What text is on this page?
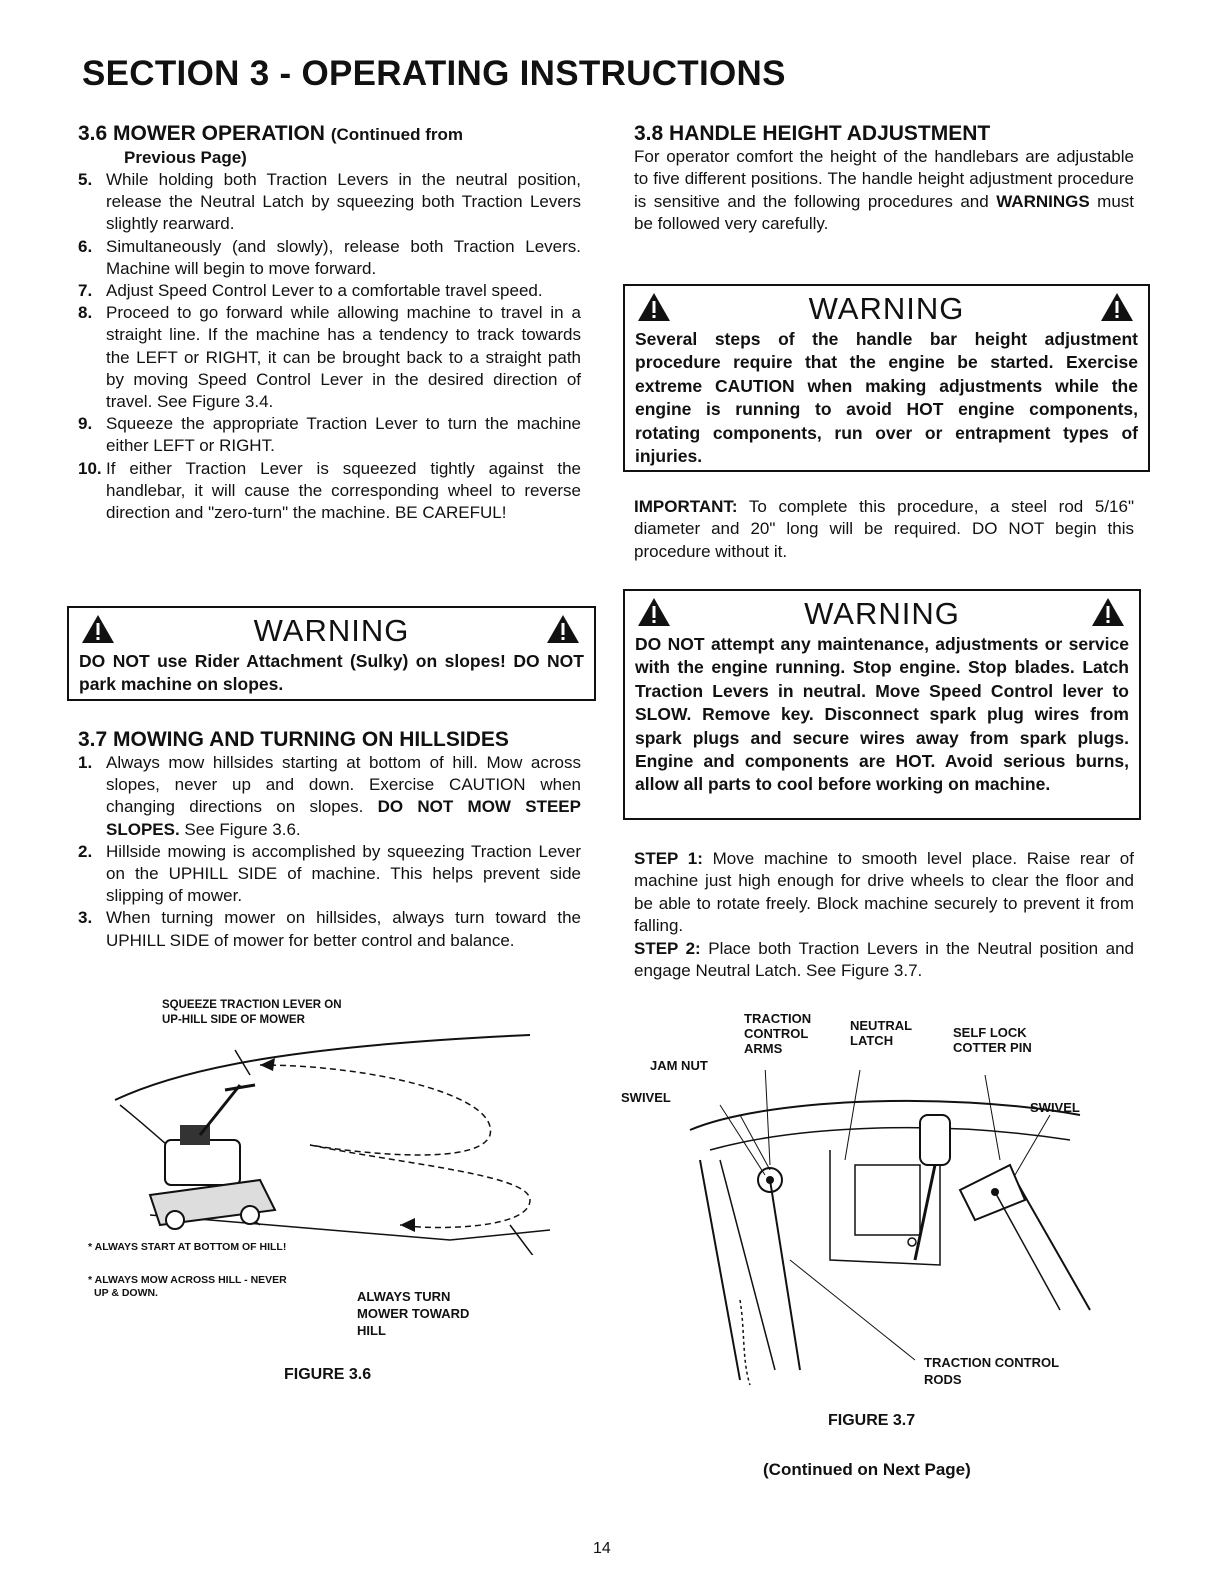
SECTION 3 - OPERATING INSTRUCTIONS
3.6 MOWER OPERATION (Continued from
Previous Page)
5. While holding both Traction Levers in the neutral position, release the Neutral Latch by squeezing both Traction Levers slightly rearward.
6. Simultaneously (and slowly), release both Traction Levers. Machine will begin to move forward.
7. Adjust Speed Control Lever to a comfortable travel speed.
8. Proceed to go forward while allowing machine to travel in a straight line. If the machine has a tendency to track towards the LEFT or RIGHT, it can be brought back to a straight path by moving Speed Control Lever in the desired direction of travel. See Figure 3.4.
9. Squeeze the appropriate Traction Lever to turn the machine either LEFT or RIGHT.
10. If either Traction Lever is squeezed tightly against the handlebar, it will cause the corresponding wheel to reverse direction and "zero-turn" the machine. BE CAREFUL!
WARNING
DO NOT use Rider Attachment (Sulky) on slopes! DO NOT park machine on slopes.
3.7 MOWING AND TURNING ON HILLSIDES
1. Always mow hillsides starting at bottom of hill. Mow across slopes, never up and down. Exercise CAUTION when changing directions on slopes. DO NOT MOW STEEP SLOPES. See Figure 3.6.
2. Hillside mowing is accomplished by squeezing Traction Lever on the UPHILL SIDE of machine. This helps prevent side slipping of mower.
3. When turning mower on hillsides, always turn toward the UPHILL SIDE of mower for better control and balance.
SQUEEZE TRACTION LEVER ON
UP-HILL SIDE OF MOWER
* ALWAYS START AT BOTTOM OF HILL!
* ALWAYS MOW ACROSS HILL - NEVER
UP & DOWN.	ALWAYS TURN
MOWER TOWARD
HILL
FIGURE 3.6
3.8 HANDLE HEIGHT ADJUSTMENT

For operator comfort the height of the handlebars are adjustable to five different positions. The handle height adjustment procedure is sensitive and the following procedures and WARNINGS must be followed very carefully.

WARNING
Several steps of the handle bar height adjustment procedure require that the engine be started. Exercise extreme CAUTION when making adjustments while the engine is running to avoid HOT engine components, rotating components, run over or entrapment types of injuries.

IMPORTANT: To complete this procedure, a steel rod 5/16" diameter and 20" long will be required. DO NOT begin this procedure without it.

WARNING
DO NOT attempt any maintenance, adjustments or service with the engine running. Stop engine. Stop blades. Latch Traction Levers in neutral. Move Speed Control lever to SLOW. Remove key. Disconnect spark plug wires from spark plugs and secure wires away from spark plugs. Engine and components are HOT. Avoid serious burns, allow all parts to cool before working on machine.

STEP 1: Move machine to smooth level place. Raise rear of machine just high enough for drive wheels to clear the floor and be able to rotate freely. Block machine securely to prevent it from falling.

STEP 2: Place both Traction Levers in the Neutral position and engage Neutral Latch. See Figure 3.7.

TRACTION
CONTROL
ARMS
NEUTRAL
LATCH
SELF LOCK
COTTER PIN
JAM NUT
SWIVEL
SWIVEL
TRACTION CONTROL
RODS
FIGURE 3.7
(Continued on Next Page)
14
